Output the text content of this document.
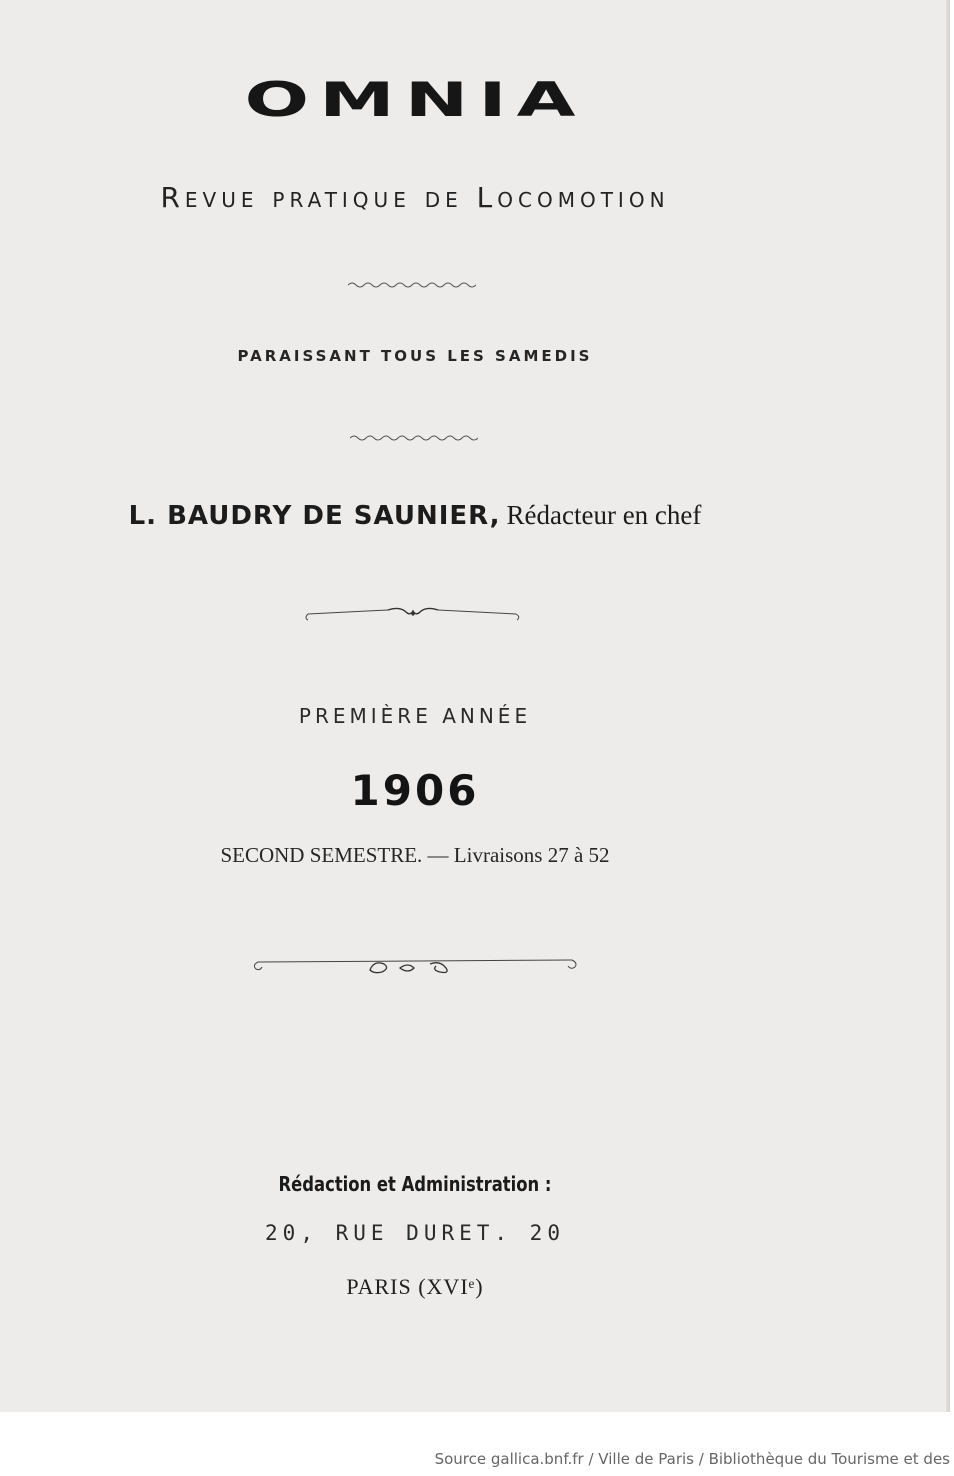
OMNIA
Revue pratique de Locomotion
PARAISSANT TOUS LES SAMEDIS
L. BAUDRY DE SAUNIER, Rédacteur en chef
PREMIÈRE ANNÉE
1906
SECOND SEMESTRE. — Livraisons 27 à 52
Rédaction et Administration :
20, RUE DURET. 20
PARIS (XVIᵉ)
Source gallica.bnf.fr / Ville de Paris / Bibliothèque du Tourisme et des
